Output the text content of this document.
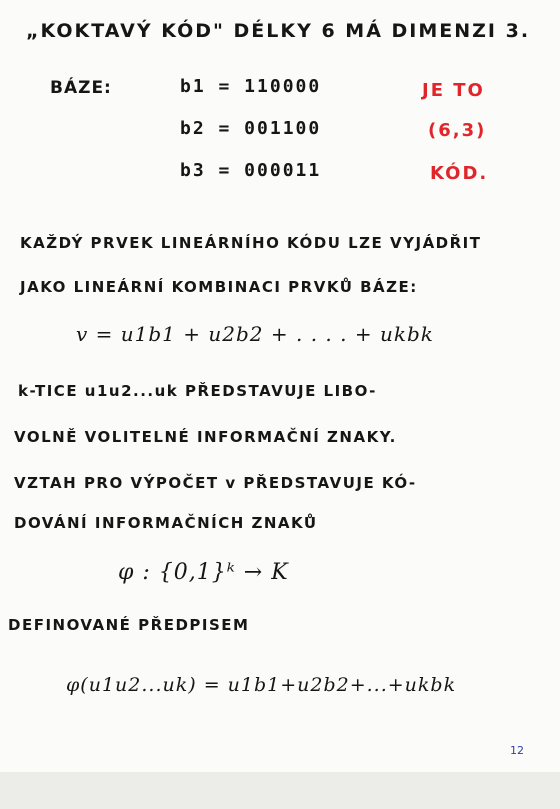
„KOKTAVÝ KÓD" DÉLKY 6 MÁ DIMENZI 3.
BÁZE:	b1 = 110000
b2 = 001100
b3 = 000011
JE TO
(6,3)
KÓD.
KAŽDÝ PRVEK LINEÁRNÍHO KÓDU LZE VYJÁDŘIT
JAKO LINEÁRNÍ KOMBINACI PRVKŮ BÁZE:
v = u1b1 + u2b2 + . . . . + ukbk
k-TICE u1u2...uk PŘEDSTAVUJE LIBO-
VOLNĚ VOLITELNÉ INFORMAČNÍ ZNAKY.
VZTAH PRO VÝPOČET v PŘEDSTAVUJE KÓ-
DOVÁNÍ INFORMAČNÍCH ZNAKŮ
φ : {0,1}ᵏ → K
DEFINOVANÉ PŘEDPISEM
φ(u1u2...uk) = u1b1+u2b2+...+ukbk
12
